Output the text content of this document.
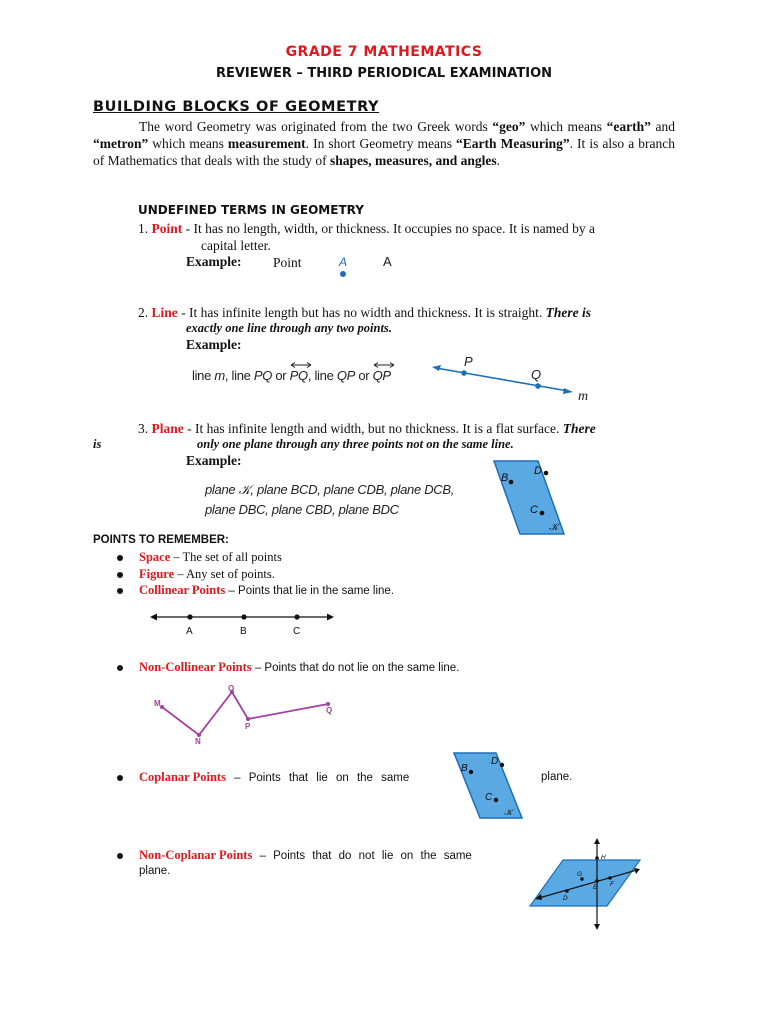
GRADE 7 MATHEMATICS
REVIEWER – THIRD PERIODICAL EXAMINATION
BUILDING BLOCKS OF GEOMETRY
The word Geometry was originated from the two Greek words “geo” which means “earth” and “metron” which means measurement. In short Geometry means “Earth Measuring”. It is also a branch of Mathematics that deals with the study of shapes, measures, and angles.
UNDEFINED TERMS IN GEOMETRY
1. Point - It has no length, width, or thickness. It occupies no space. It is named by a
capital letter.
Example: Point	A	A
2. Line - It has infinite length but has no width and thickness. It is straight. There is
exactly one line through any two points.
Example:
line m, line PQ or
PQ, line QP or
QP
P
Q
m
3. Plane - It has infinite length and width, but no thickness. It is a flat surface. There
is	only one plane through any three points not on the same line.
Example:
plane 𝒦, plane BCD, plane CDB, plane DCB,
plane DBC, plane CBD, plane BDC
B
D
C
𝒦
POINTS TO REMEMBER:
Space – The set of all points
Figure – Any set of points.
Collinear Points – Points that lie in the same line.
A	B	C
Non-Collinear Points – Points that do not lie on the same line.
M
N
O
P
Q
Coplanar Points – Points that lie on the same	plane.
B
D
C
𝒦
Non-Coplanar Points – Points that do not lie on the same
plane.
H
G
E F
D
